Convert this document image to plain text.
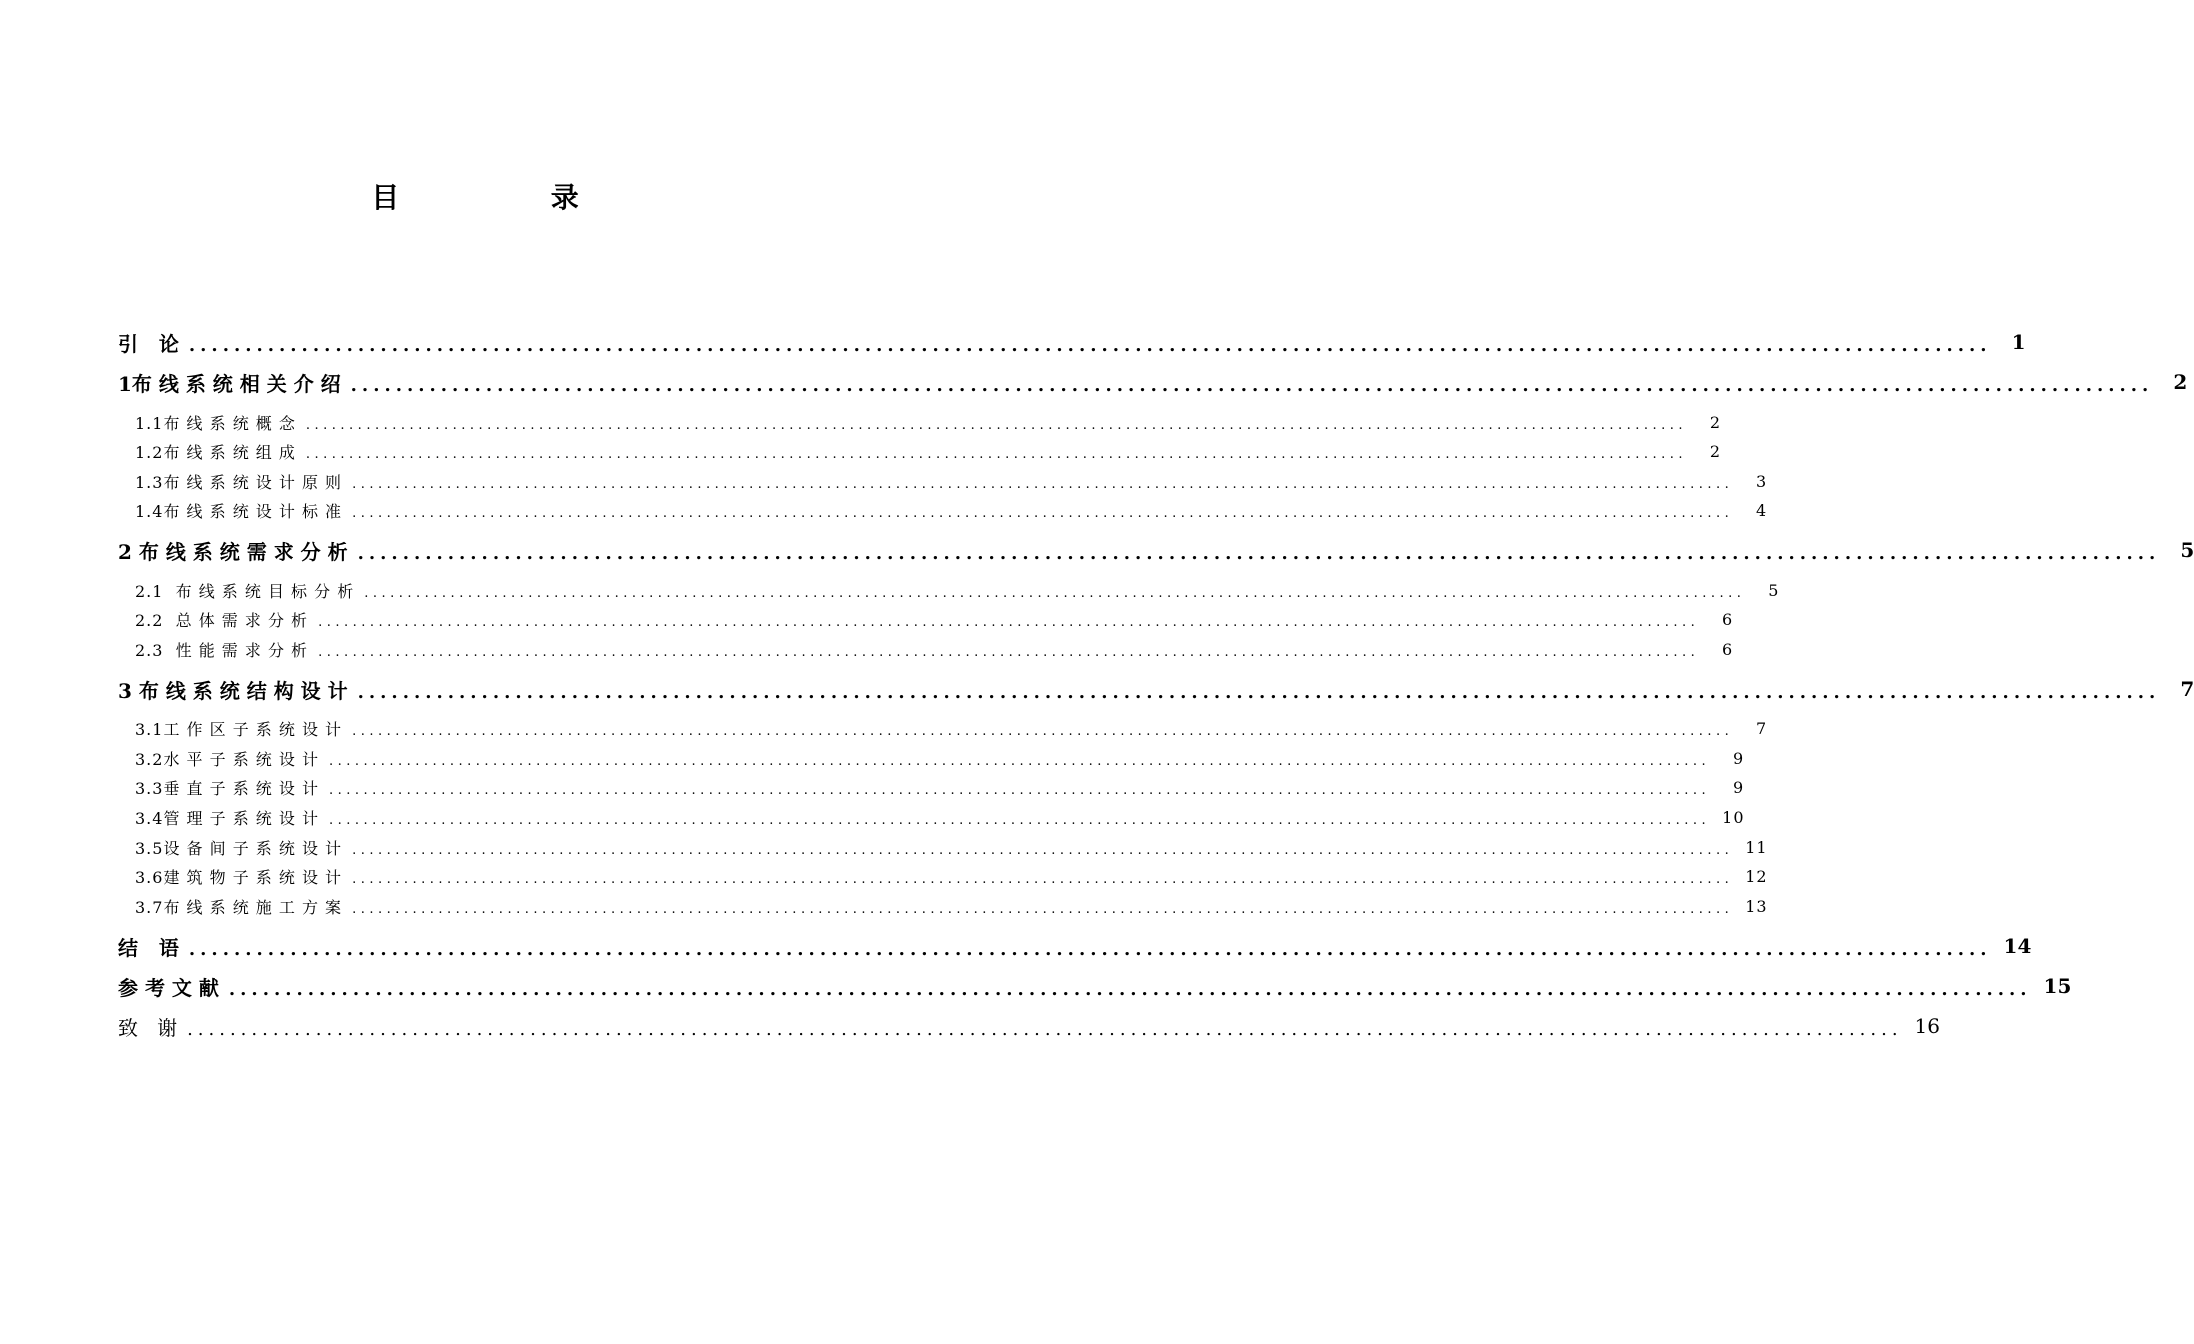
目  录
引   论 ................................................................................................................................................................	1
1布 线 系 统 相 关 介 绍 ................................................................................................................................................................	2
1.1布 线 系 统 概 念 ................................................................................................................................................................	2
1.2布 线 系 统 组 成 ................................................................................................................................................................	2
1.3布 线 系 统 设 计 原 则 ................................................................................................................................................................	3
1.4布 线 系 统 设 计 标 准 ................................................................................................................................................................	4
2 布 线 系 统 需 求 分 析 ................................................................................................................................................................	5
2.1  布 线 系 统 目 标 分 析 ................................................................................................................................................................	5
2.2  总 体 需 求 分 析 ................................................................................................................................................................	6
2.3  性 能 需 求 分 析 ................................................................................................................................................................	6
3 布 线 系 统 结 构 设 计 ................................................................................................................................................................	7
3.1工 作 区 子 系 统 设 计 ................................................................................................................................................................	7
3.2水 平 子 系 统 设 计 ................................................................................................................................................................	9
3.3垂 直 子 系 统 设 计 ................................................................................................................................................................	9
3.4管 理 子 系 统 设 计 ................................................................................................................................................................ 10
3.5设 备 间 子 系 统 设 计 ................................................................................................................................................................ 11
3.6建 筑 物 子 系 统 设 计 ................................................................................................................................................................ 12
3.7布 线 系 统 施 工 方 案 ................................................................................................................................................................ 13
结   语 ................................................................................................................................................................ 14
参 考 文 献 ................................................................................................................................................................ 15
致   谢 ................................................................................................................................................................ 16
